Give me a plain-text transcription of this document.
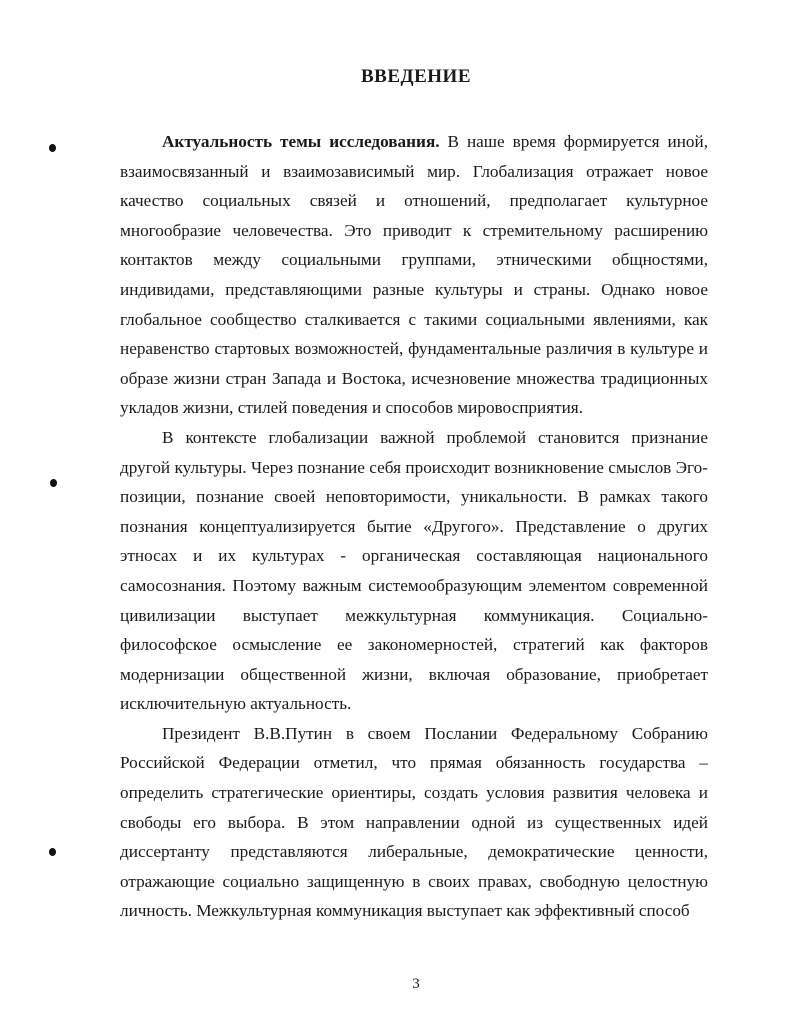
ВВЕДЕНИЕ

Актуальность темы исследования. В наше время формируется иной, взаимосвязанный и взаимозависимый мир. Глобализация отражает новое качество социальных связей и отношений, предполагает культурное многообразие человечества. Это приводит к стремительному расширению контактов между социальными группами, этническими общностями, индивидами, представляющими разные культуры и страны. Однако новое глобальное сообщество сталкивается с такими социальными явлениями, как неравенство стартовых возможностей, фундаментальные различия в культуре и образе жизни стран Запада и Востока, исчезновение множества традиционных укладов жизни, стилей поведения и способов мировосприятия.

В контексте глобализации важной проблемой становится признание другой культуры. Через познание себя происходит возникновение смыслов Эго-позиции, познание своей неповторимости, уникальности. В рамках такого познания концептуализируется бытие «Другого». Представление о других этносах и их культурах - органическая составляющая национального самосознания. Поэтому важным системообразующим элементом современной цивилизации выступает межкультурная коммуникация. Социально-философское осмысление ее закономерностей, стратегий как факторов модернизации общественной жизни, включая образование, приобретает исключительную актуальность.

Президент В.В.Путин в своем Послании Федеральному Собранию Российской Федерации отметил, что прямая обязанность государства – определить стратегические ориентиры, создать условия развития человека и свободы его выбора. В этом направлении одной из существенных идей диссертанту представляются либеральные, демократические ценности, отражающие социально защищенную в своих правах, свободную целостную личность. Межкультурная коммуникация выступает как эффективный способ

3
